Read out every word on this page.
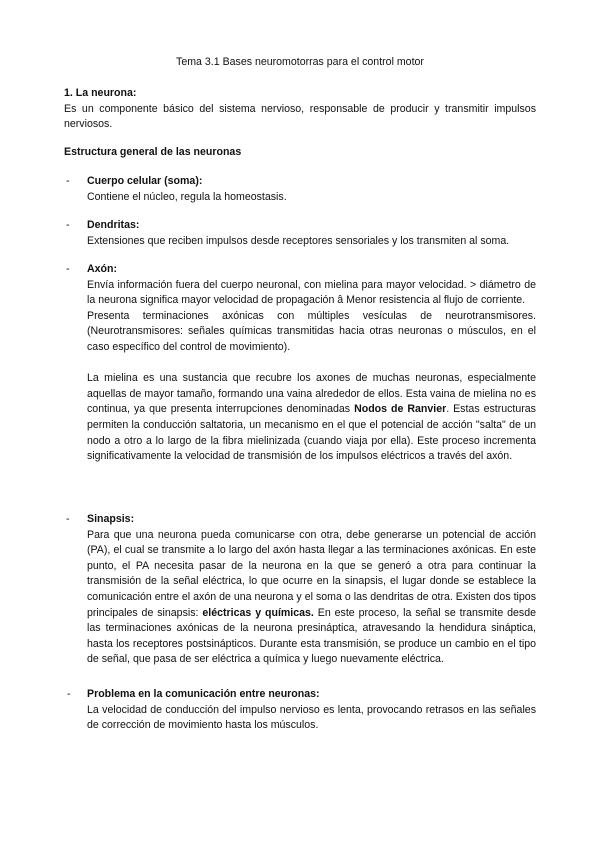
Tema 3.1 Bases neuromotorras para el control motor
1. La neurona:

Es un componente básico del sistema nervioso, responsable de producir y transmitir impulsos nerviosos.

Estructura general de las neuronas
-	Cuerpo celular (soma):
Contiene el núcleo, regula la homeostasis.
-	Dendritas:
Extensiones que reciben impulsos desde receptores sensoriales y los transmiten al soma.
-	Axón:

Envía información fuera del cuerpo neuronal, con mielina para mayor velocidad. > diámetro de la neurona significa mayor velocidad de propagación â Menor resistencia al flujo de corriente.

Presenta terminaciones axónicas con múltiples vesículas de neurotransmisores. (Neurotransmisores: señales químicas transmitidas hacia otras neuronas o músculos, en el caso específico del control de movimiento).

La mielina es una sustancia que recubre los axones de muchas neuronas, especialmente aquellas de mayor tamaño, formando una vaina alrededor de ellos. Esta vaina de mielina no es continua, ya que presenta interrupciones denominadas Nodos de Ranvier. Estas estructuras permiten la conducción saltatoria, un mecanismo en el que el potencial de acción "salta" de un nodo a otro a lo largo de la fibra mielinizada (cuando viaja por ella). Este proceso incrementa significativamente la velocidad de transmisión de los impulsos eléctricos a través del axón.

-	Sinapsis:

Para que una neurona pueda comunicarse con otra, debe generarse un potencial de acción (PA), el cual se transmite a lo largo del axón hasta llegar a las terminaciones axónicas. En este punto, el PA necesita pasar de la neurona en la que se generó a otra para continuar la transmisión de la señal eléctrica, lo que ocurre en la sinapsis, el lugar donde se establece la comunicación entre el axón de una neurona y el soma o las dendritas de otra. Existen dos tipos principales de sinapsis: eléctricas y químicas. En este proceso, la señal se transmite desde las terminaciones axónicas de la neurona presináptica, atravesando la hendidura sináptica, hasta los receptores postsinápticos. Durante esta transmisión, se produce un cambio en el tipo de señal, que pasa de ser eléctrica a química y luego nuevamente eléctrica.

-	Problema en la comunicación entre neuronas:
La velocidad de conducción del impulso nervioso es lenta, provocando retrasos en las señales de corrección de movimiento hasta los músculos.
